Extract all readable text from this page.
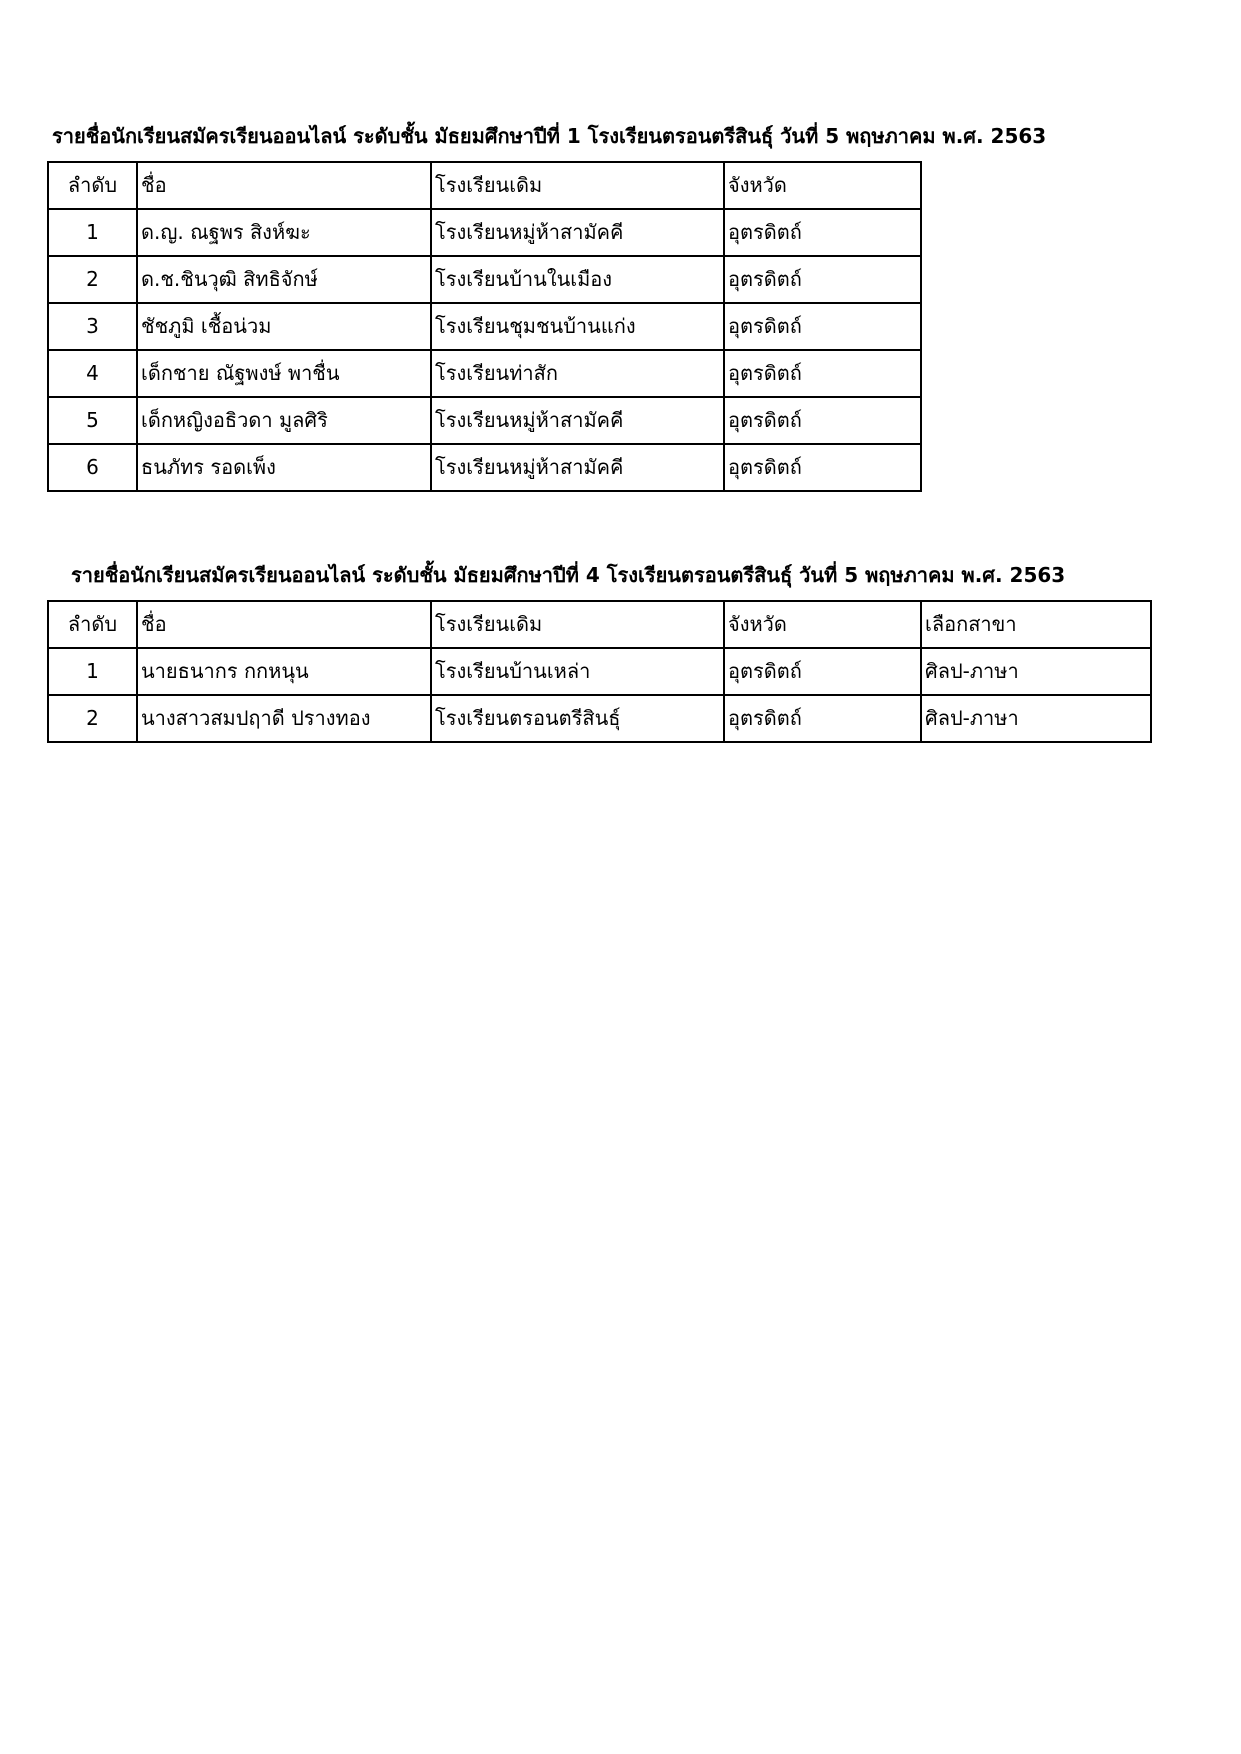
รายชื่อนักเรียนสมัครเรียนออนไลน์ ระดับชั้น มัธยมศึกษาปีที่ 1 โรงเรียนตรอนตรีสินธุ์ วันที่ 5 พฤษภาคม พ.ศ. 2563
ลำดับ	ชื่อ	โรงเรียนเดิม	จังหวัด
1	ด.ญ. ณฐพร สิงห์ฆะ	โรงเรียนหมู่ห้าสามัคคี	อุตรดิตถ์
2	ด.ช.ชินวุฒิ สิทธิจักษ์	โรงเรียนบ้านในเมือง	อุตรดิตถ์
3	ชัชภูมิ เชื้อน่วม	โรงเรียนชุมชนบ้านแก่ง	อุตรดิตถ์
4	เด็กชาย ณัฐพงษ์ พาชื่น	โรงเรียนท่าสัก	อุตรดิตถ์
5	เด็กหญิงอธิวดา มูลศิริ	โรงเรียนหมู่ห้าสามัคคี	อุตรดิตถ์
6	ธนภัทร รอดเพ็ง	โรงเรียนหมู่ห้าสามัคคี	อุตรดิตถ์
รายชื่อนักเรียนสมัครเรียนออนไลน์ ระดับชั้น มัธยมศึกษาปีที่ 4 โรงเรียนตรอนตรีสินธุ์ วันที่ 5 พฤษภาคม พ.ศ. 2563
ลำดับ	ชื่อ	โรงเรียนเดิม	จังหวัด	เลือกสาขา
1	นายธนากร กกหนุน	โรงเรียนบ้านเหล่า	อุตรดิตถ์	ศิลป-ภาษา
2	นางสาวสมปฤาดี ปรางทอง	โรงเรียนตรอนตรีสินธุ์	อุตรดิตถ์	ศิลป-ภาษา
